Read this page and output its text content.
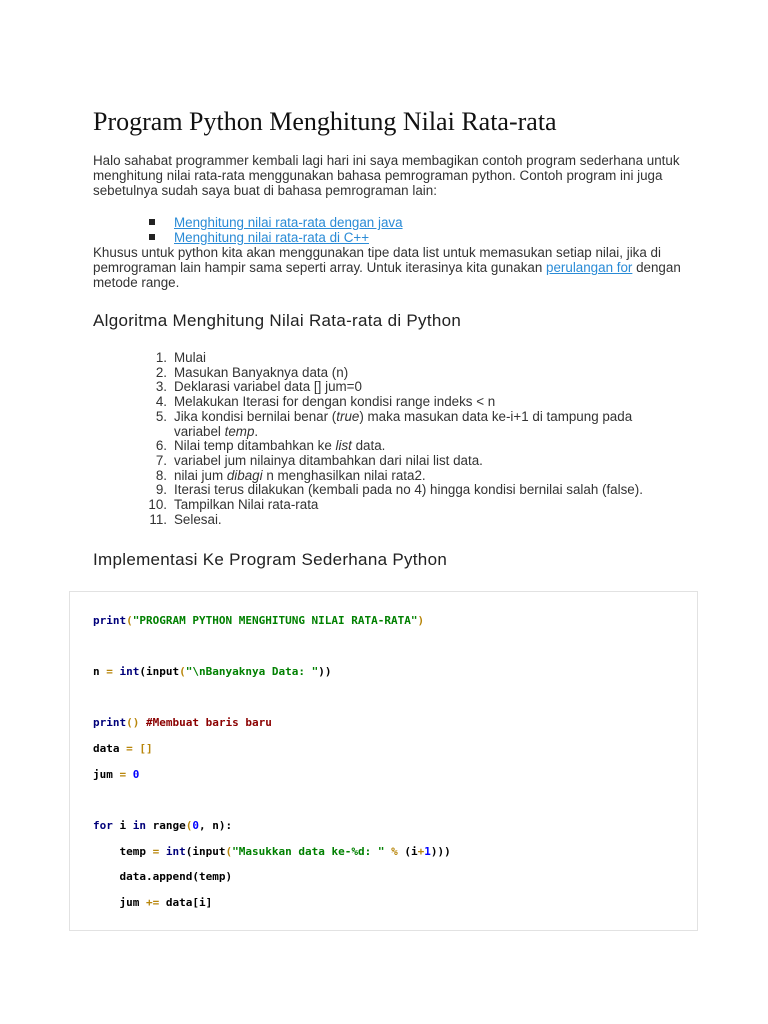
Program Python Menghitung Nilai Rata-rata

Halo sahabat programmer kembali lagi hari ini saya membagikan contoh program sederhana untuk menghitung nilai rata-rata menggunakan bahasa pemrograman python. Contoh program ini juga sebetulnya sudah saya buat di bahasa pemrograman lain:

Menghitung nilai rata-rata dengan java
Menghitung nilai rata-rata di C++

Khusus untuk python kita akan menggunakan tipe data list untuk memasukan setiap nilai, jika di pemrograman lain hampir sama seperti array. Untuk iterasinya kita gunakan perulangan for dengan metode range.

Algoritma Menghitung Nilai Rata-rata di Python
1. Mulai
2. Masukan Banyaknya data (n)
3. Deklarasi variabel data [] jum=0
4. Melakukan Iterasi for dengan kondisi range indeks < n
5. Jika kondisi bernilai benar (true) maka masukan data ke-i+1 di tampung pada variabel temp.
6. Nilai temp ditambahkan ke list data.
7. variabel jum nilainya ditambahkan dari nilai list data.
8. nilai jum dibagi n menghasilkan nilai rata2.
9. Iterasi terus dilakukan (kembali pada no 4) hingga kondisi bernilai salah (false).
10. Tampilkan Nilai rata-rata
11. Selesai.
Implementasi Ke Program Sederhana Python
print("PROGRAM PYTHON MENGHITUNG NILAI RATA-RATA")
n = int(input("\nBanyaknya Data: "))
print() #Membuat baris baru
data = []
jum = 0
for i in range(0, n):
temp = int(input("Masukkan data ke-%d: " % (i+1)))
data.append(temp)
jum += data[i]
